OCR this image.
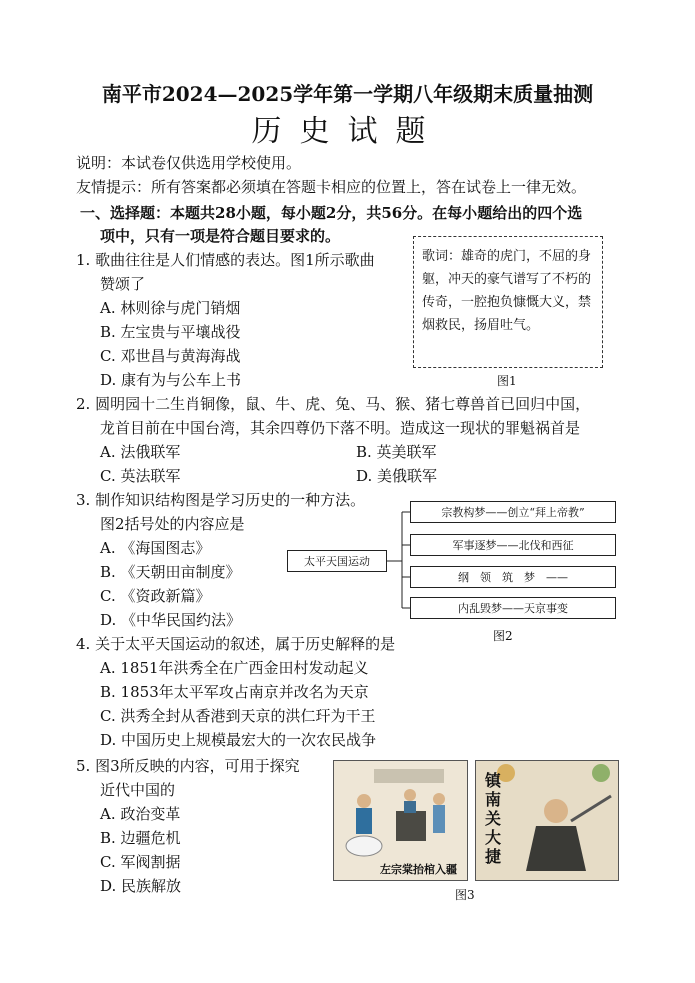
南平市2024—2025学年第一学期八年级期末质量抽测
历史试题
说明：本试卷仅供选用学校使用。
友情提示：所有答案都必须填在答题卡相应的位置上，答在试卷上一律无效。
一、选择题：本题共28小题，每小题2分，共56分。在每小题给出的四个选
项中，只有一项是符合题目要求的。
1. 歌曲往往是人们情感的表达。图1所示歌曲
赞颂了
A. 林则徐与虎门销烟
B. 左宝贵与平壤战役
C. 邓世昌与黄海海战
D. 康有为与公车上书
歌词：雄奇的虎门，不屈的身躯，冲天的豪气谱写了不朽的传奇，一腔抱负慷慨大义，禁烟救民，扬眉吐气。
图1
2. 圆明园十二生肖铜像，鼠、牛、虎、兔、马、猴、猪七尊兽首已回归中国，
龙首目前在中国台湾，其余四尊仍下落不明。造成这一现状的罪魁祸首是
A. 法俄联军	B. 英美联军
C. 英法联军	D. 美俄联军
3. 制作知识结构图是学习历史的一种方法。
图2括号处的内容应是
A. 《海国图志》
B. 《天朝田亩制度》
C. 《资政新篇》
D. 《中华民国约法》
太平天国运动
宗教构梦——创立“拜上帝教”
军事逐梦——北伐和西征
纲　领　筑　梦　——
内乱毁梦——天京事变
图2
4. 关于太平天国运动的叙述，属于历史解释的是
A. 1851年洪秀全在广西金田村发动起义
B. 1853年太平军攻占南京并改名为天京
C. 洪秀全封从香港到天京的洪仁玕为干王
D. 中国历史上规模最宏大的一次农民战争
5. 图3所反映的内容，可用于探究
近代中国的
A. 政治变革
B. 边疆危机
C. 军阀割据
D. 民族解放
左宗棠抬棺入疆
镇南关大捷
图3
